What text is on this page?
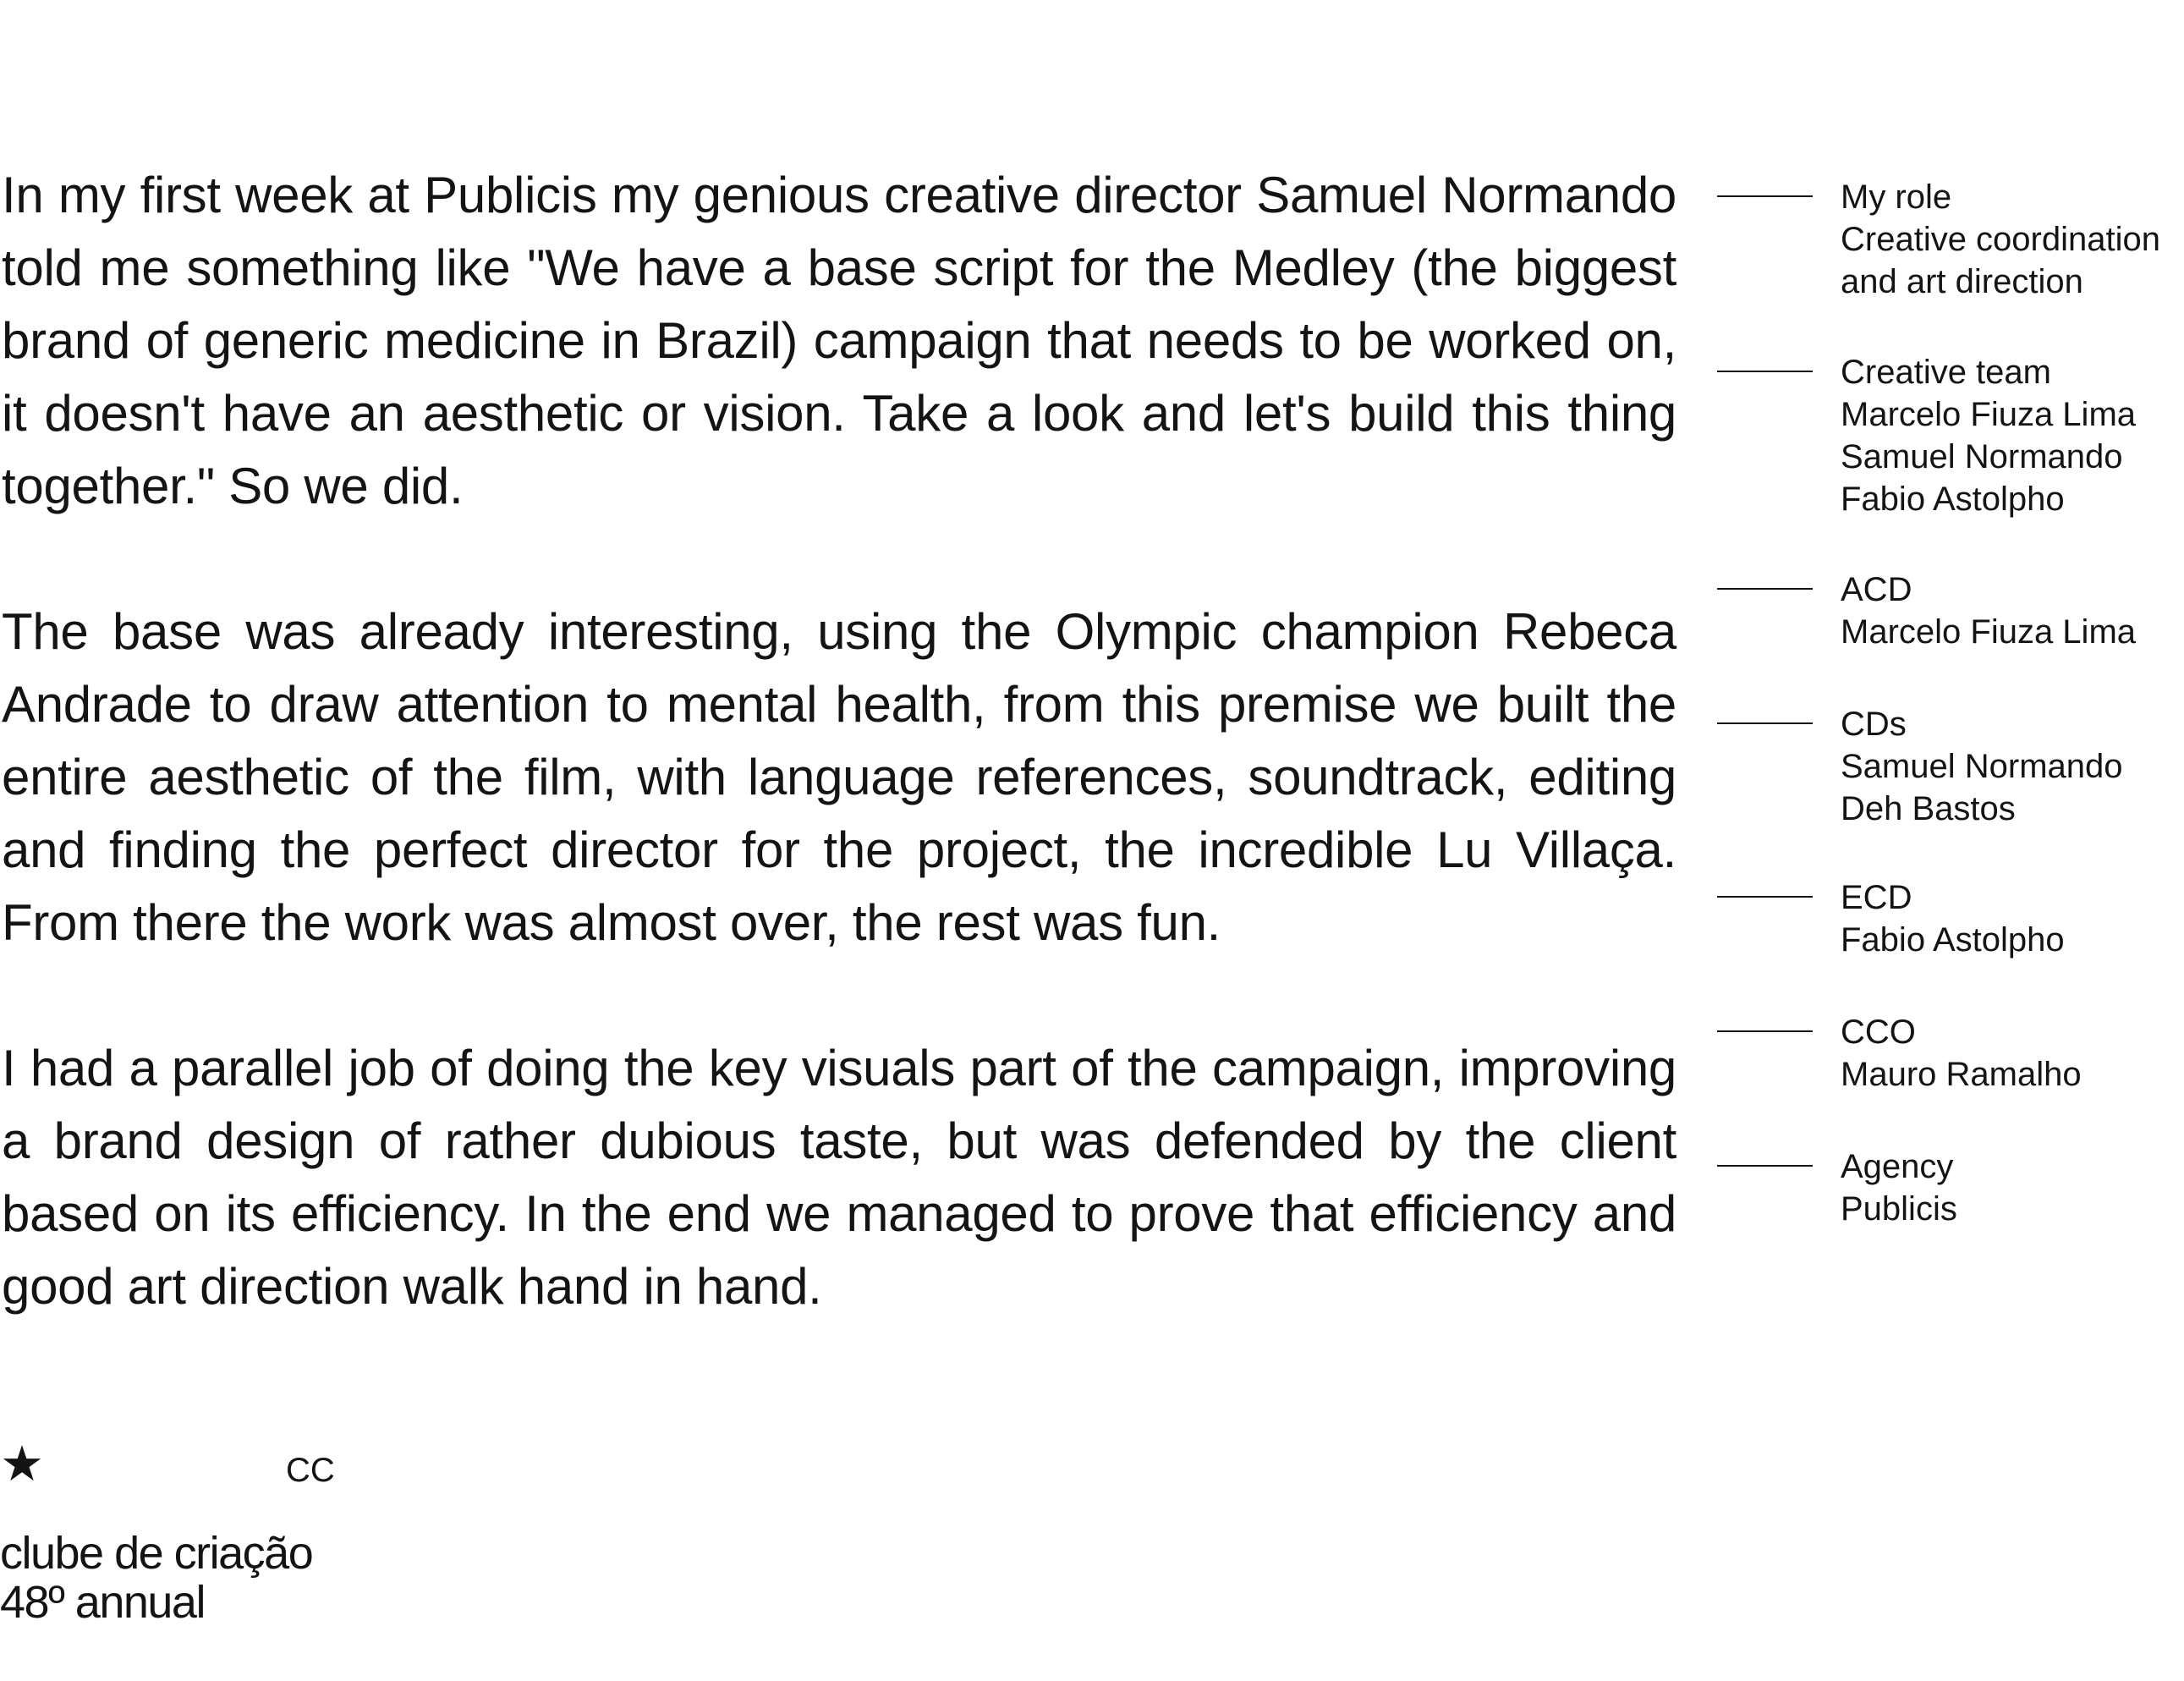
In my first week at Publicis my genious creative director Samuel Normando told me something like "We have a base script for the Medley (the biggest brand of generic medicine in Brazil) campaign that needs to be worked on, it doesn't have an aesthetic or vision. Take a look and let's build this thing together." So we did.

The base was already interesting, using the Olympic champion Rebeca Andrade to draw attention to mental health, from this premise we built the entire aesthetic of the film, with language references, soundtrack, editing and finding the perfect director for the project, the incredible Lu Villaça. From there the work was almost over, the rest was fun.

I had a parallel job of doing the key visuals part of the campaign, improving a brand design of rather dubious taste, but was defended by the client based on its efficiency. In the end we managed to prove that efficiency and good art direction walk hand in hand.

My role
Creative coordination
and art direction
Creative team
Marcelo Fiuza Lima
Samuel Normando
Fabio Astolpho
ACD
Marcelo Fiuza Lima
CDs
Samuel Normando
Deh Bastos
ECD
Fabio Astolpho
CCO
Mauro Ramalho
Agency
Publicis
★	CC
clube de criação
48º annual
